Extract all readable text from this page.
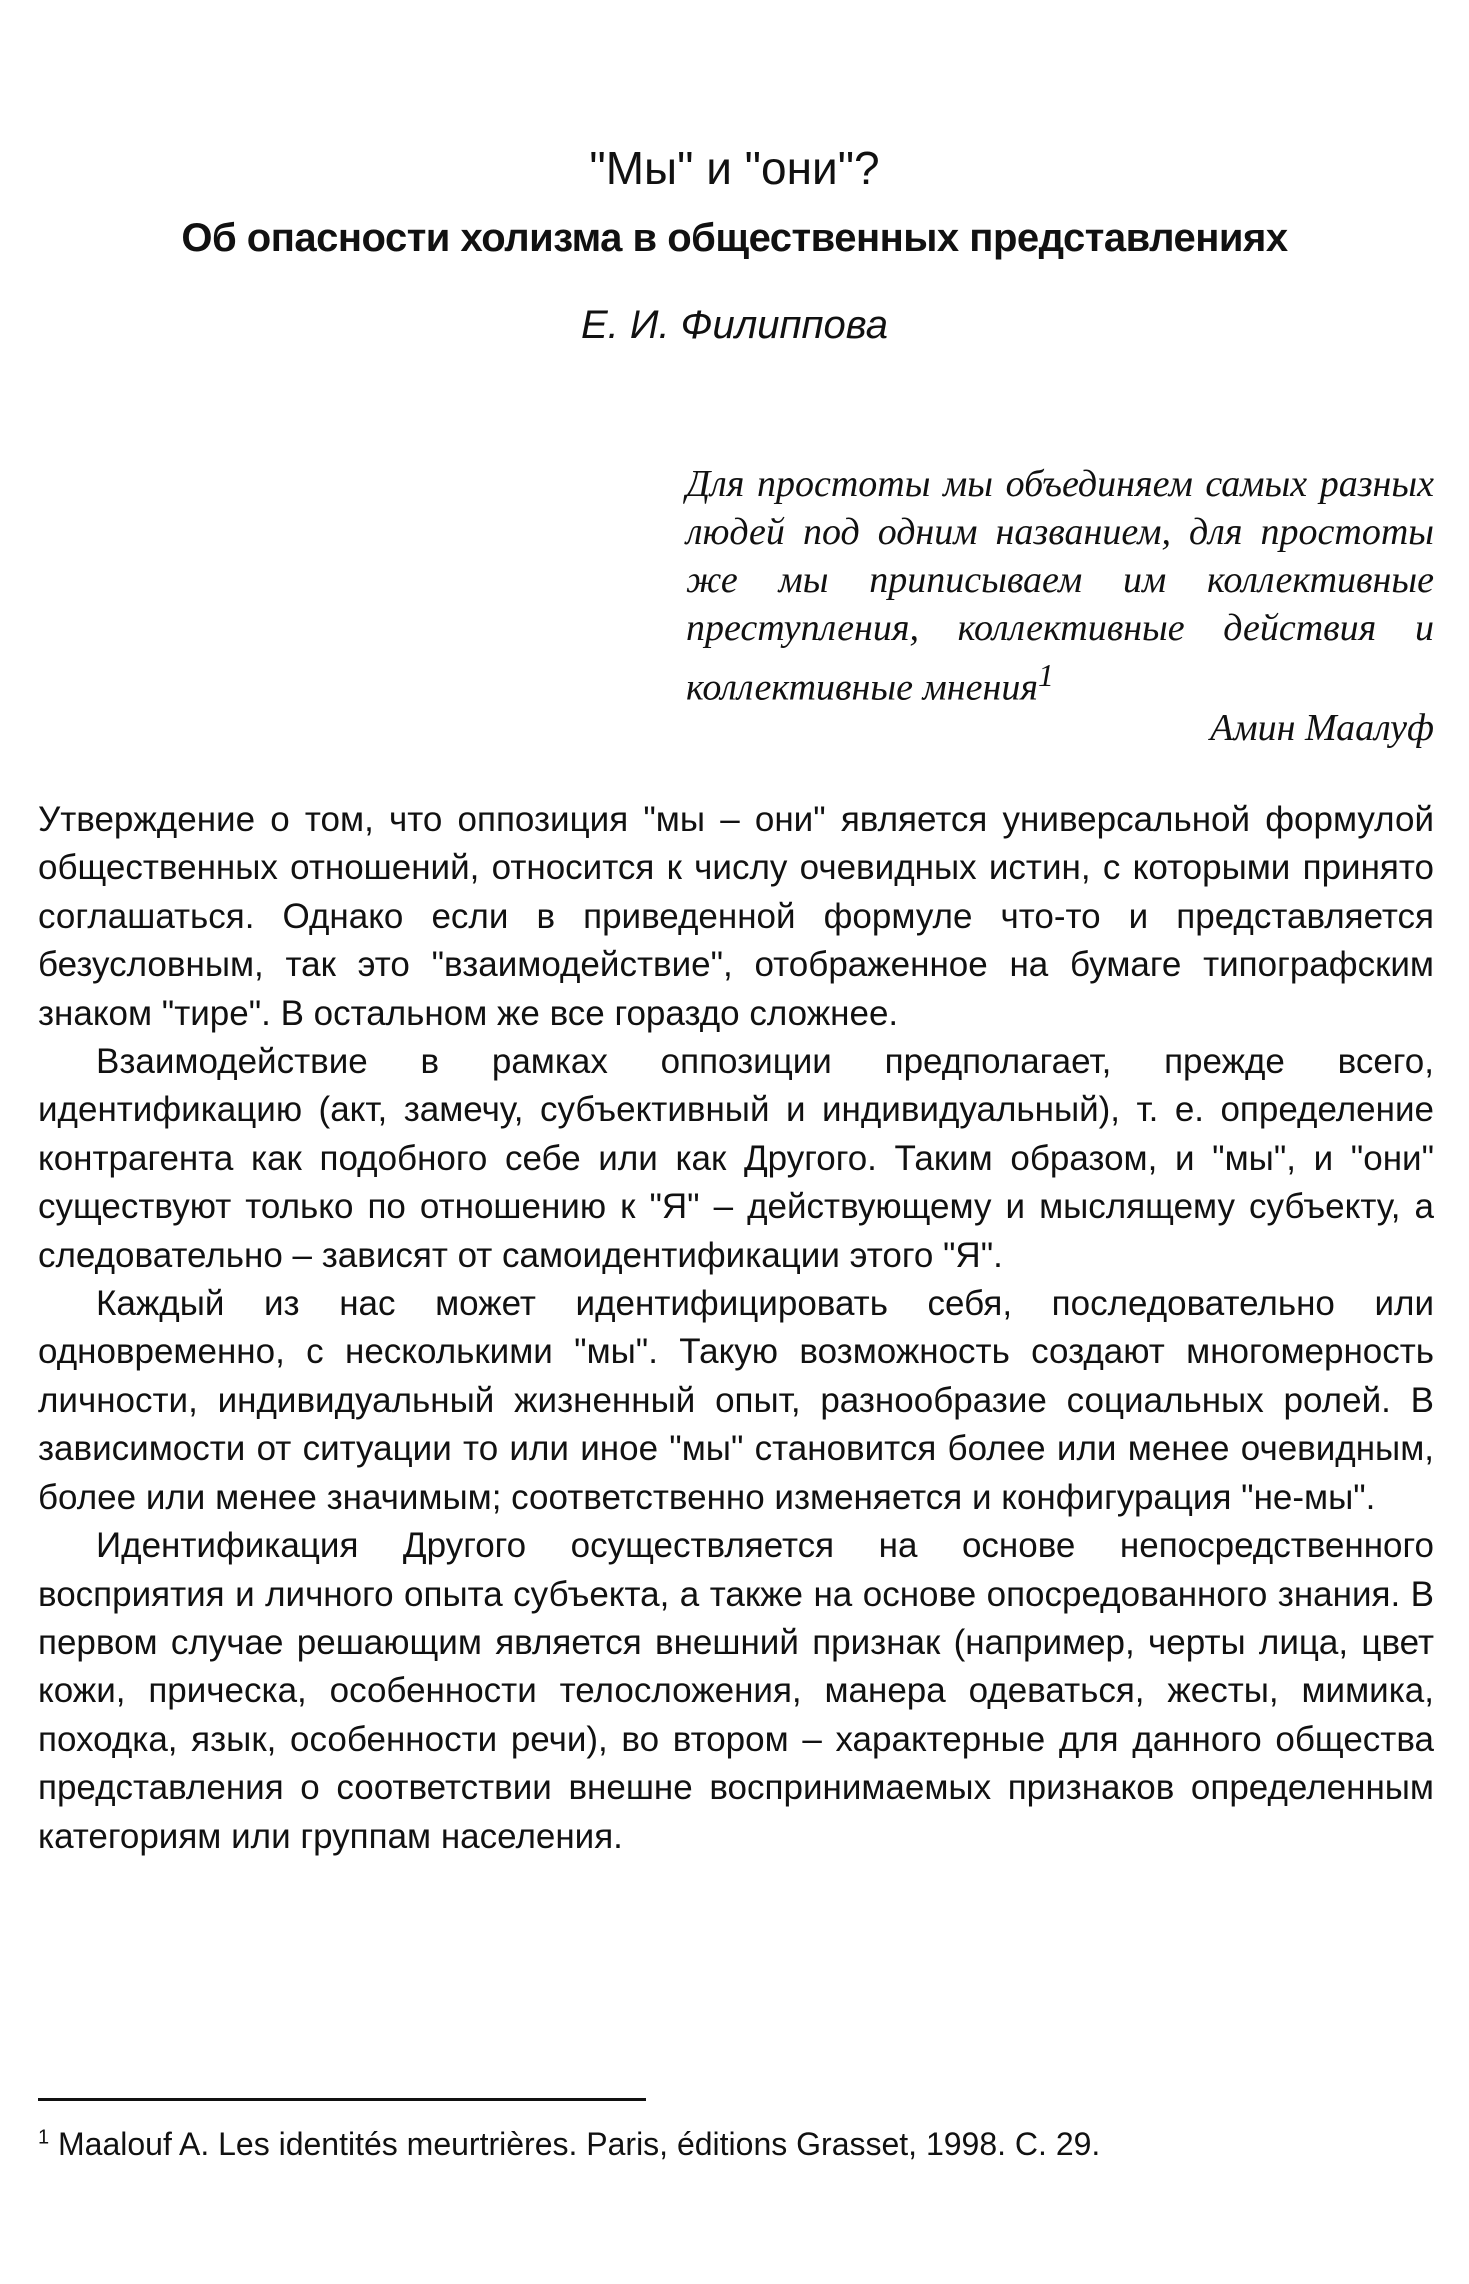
"Мы" и "они"?
Об опасности холизма в общественных представлениях
Е. И. Филиппова
Для простоты мы объединяем самых разных людей под одним названием, для простоты же мы приписываем им коллективные преступления, коллективные действия и коллективные мнения$^1$
Амин Маалуф

Утверждение о том, что оппозиция "мы – они" является универсальной формулой общественных отношений, относится к числу очевидных истин, с которыми принято соглашаться. Однако если в приведенной формуле что-то и представляется безусловным, так это "взаимодействие", отображенное на бумаге типографским знаком "тире". В остальном же все гораздо сложнее.

Взаимодействие в рамках оппозиции предполагает, прежде всего, идентификацию (акт, замечу, субъективный и индивидуальный), т. е. определение контрагента как подобного себе или как Другого. Таким образом, и "мы", и "они" существуют только по отношению к "Я" – действующему и мыслящему субъекту, а следовательно – зависят от самоидентификации этого "Я".

Каждый из нас может идентифицировать себя, последовательно или одновременно, с несколькими "мы". Такую возможность создают многомерность личности, индивидуальный жизненный опыт, разнообразие социальных ролей. В зависимости от ситуации то или иное "мы" становится более или менее очевидным, более или менее значимым; соответственно изменяется и конфигурация "не-мы".

Идентификация Другого осуществляется на основе непосредственного восприятия и личного опыта субъекта, а также на основе опосредованного знания. В первом случае решающим является внешний признак (например, черты лица, цвет кожи, прическа, особенности телосложения, манера одеваться, жесты, мимика, походка, язык, особенности речи), во втором – характерные для данного общества представления о соответствии внешне воспринимаемых признаков определенным категориям или группам населения.

$^1$ Maalouf A. Les identités meurtrières. Paris, éditions Grasset, 1998. С. 29.
